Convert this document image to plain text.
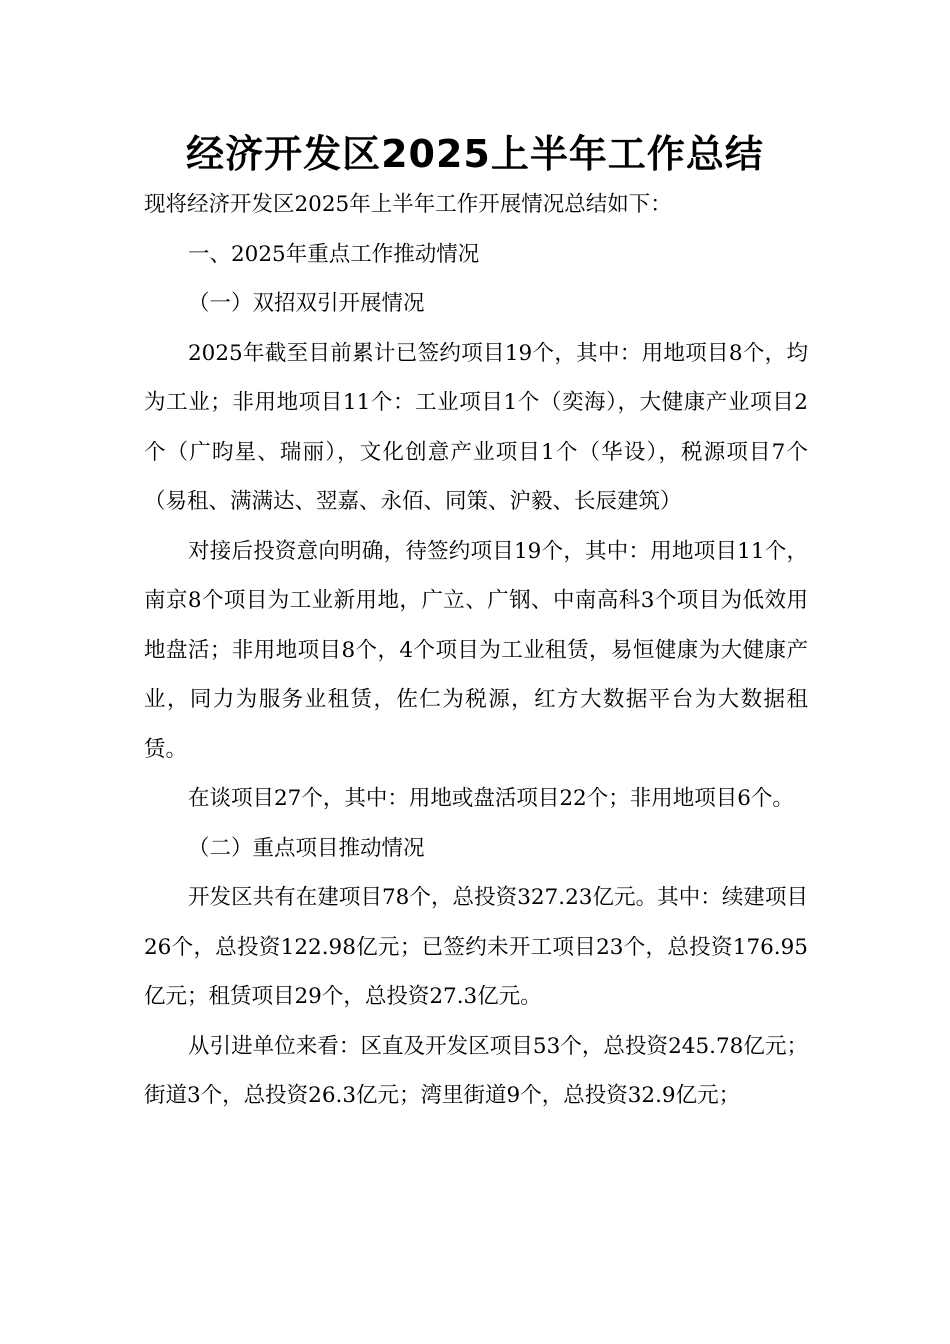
经济开发区2025上半年工作总结

现将经济开发区2025年上半年工作开展情况总结如下：

一、2025年重点工作推动情况

（一）双招双引开展情况

2025年截至目前累计已签约项目19个，其中：用地项目8个，均为工业；非用地项目11个：工业项目1个（奕海），大健康产业项目2个（广昀星、瑞丽），文化创意产业项目1个（华设），税源项目7个（易租、满满达、翌嘉、永佰、同策、沪毅、长辰建筑）

对接后投资意向明确，待签约项目19个，其中：用地项目11个，南京8个项目为工业新用地，广立、广钢、中南高科3个项目为低效用地盘活；非用地项目8个，4个项目为工业租赁，易恒健康为大健康产业，同力为服务业租赁，佐仁为税源，红方大数据平台为大数据租赁。

在谈项目27个，其中：用地或盘活项目22个；非用地项目6个。

（二）重点项目推动情况

开发区共有在建项目78个，总投资327.23亿元。其中：续建项目26个，总投资122.98亿元；已签约未开工项目23个，总投资176.95亿元；租赁项目29个，总投资27.3亿元。

从引进单位来看：区直及开发区项目53个，总投资245.78亿元；街道3个，总投资26.3亿元；湾里街道9个，总投资32.9亿元；
